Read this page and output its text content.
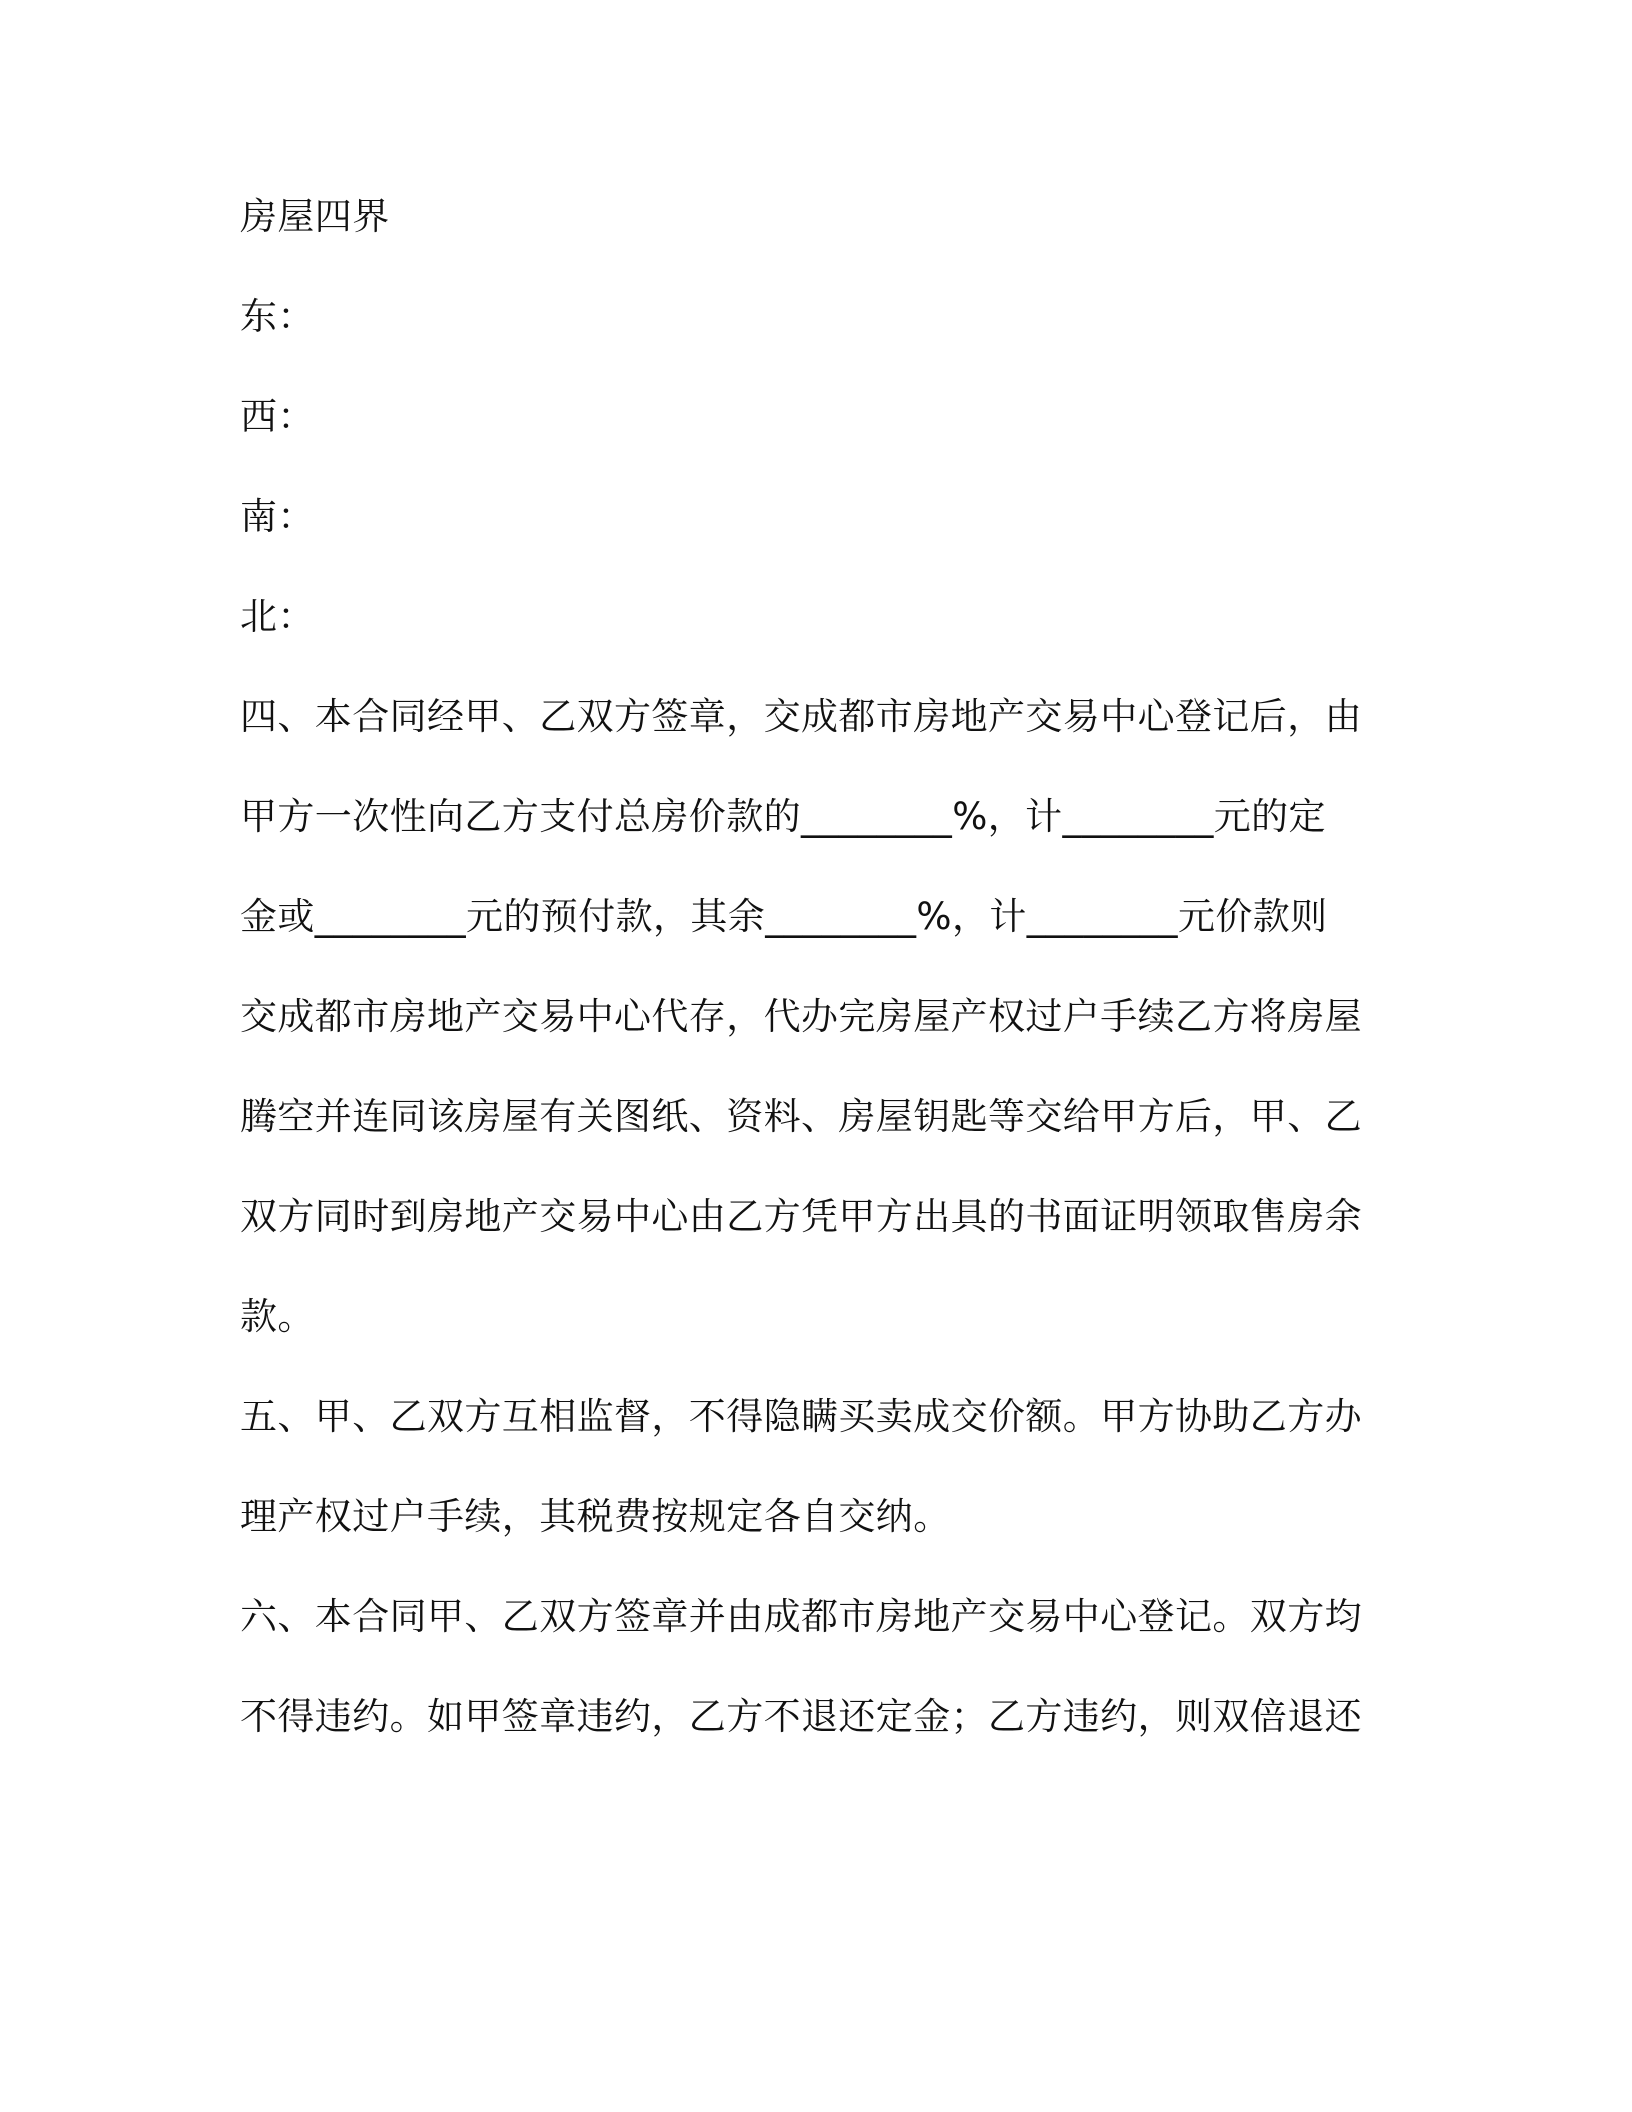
房屋四界

东：

西：

南：

北：

四、本合同经甲、乙双方签章，交成都市房地产交易中心登记后，由

甲方一次性向乙方支付总房价款的________%，计________元的定

金或________元的预付款，其余________%，计________元价款则

交成都市房地产交易中心代存，代办完房屋产权过户手续乙方将房屋

腾空并连同该房屋有关图纸、资料、房屋钥匙等交给甲方后，甲、乙

双方同时到房地产交易中心由乙方凭甲方出具的书面证明领取售房余

款。

五、甲、乙双方互相监督，不得隐瞒买卖成交价额。甲方协助乙方办

理产权过户手续，其税费按规定各自交纳。

六、本合同甲、乙双方签章并由成都市房地产交易中心登记。双方均

不得违约。如甲签章违约，乙方不退还定金；乙方违约，则双倍退还
